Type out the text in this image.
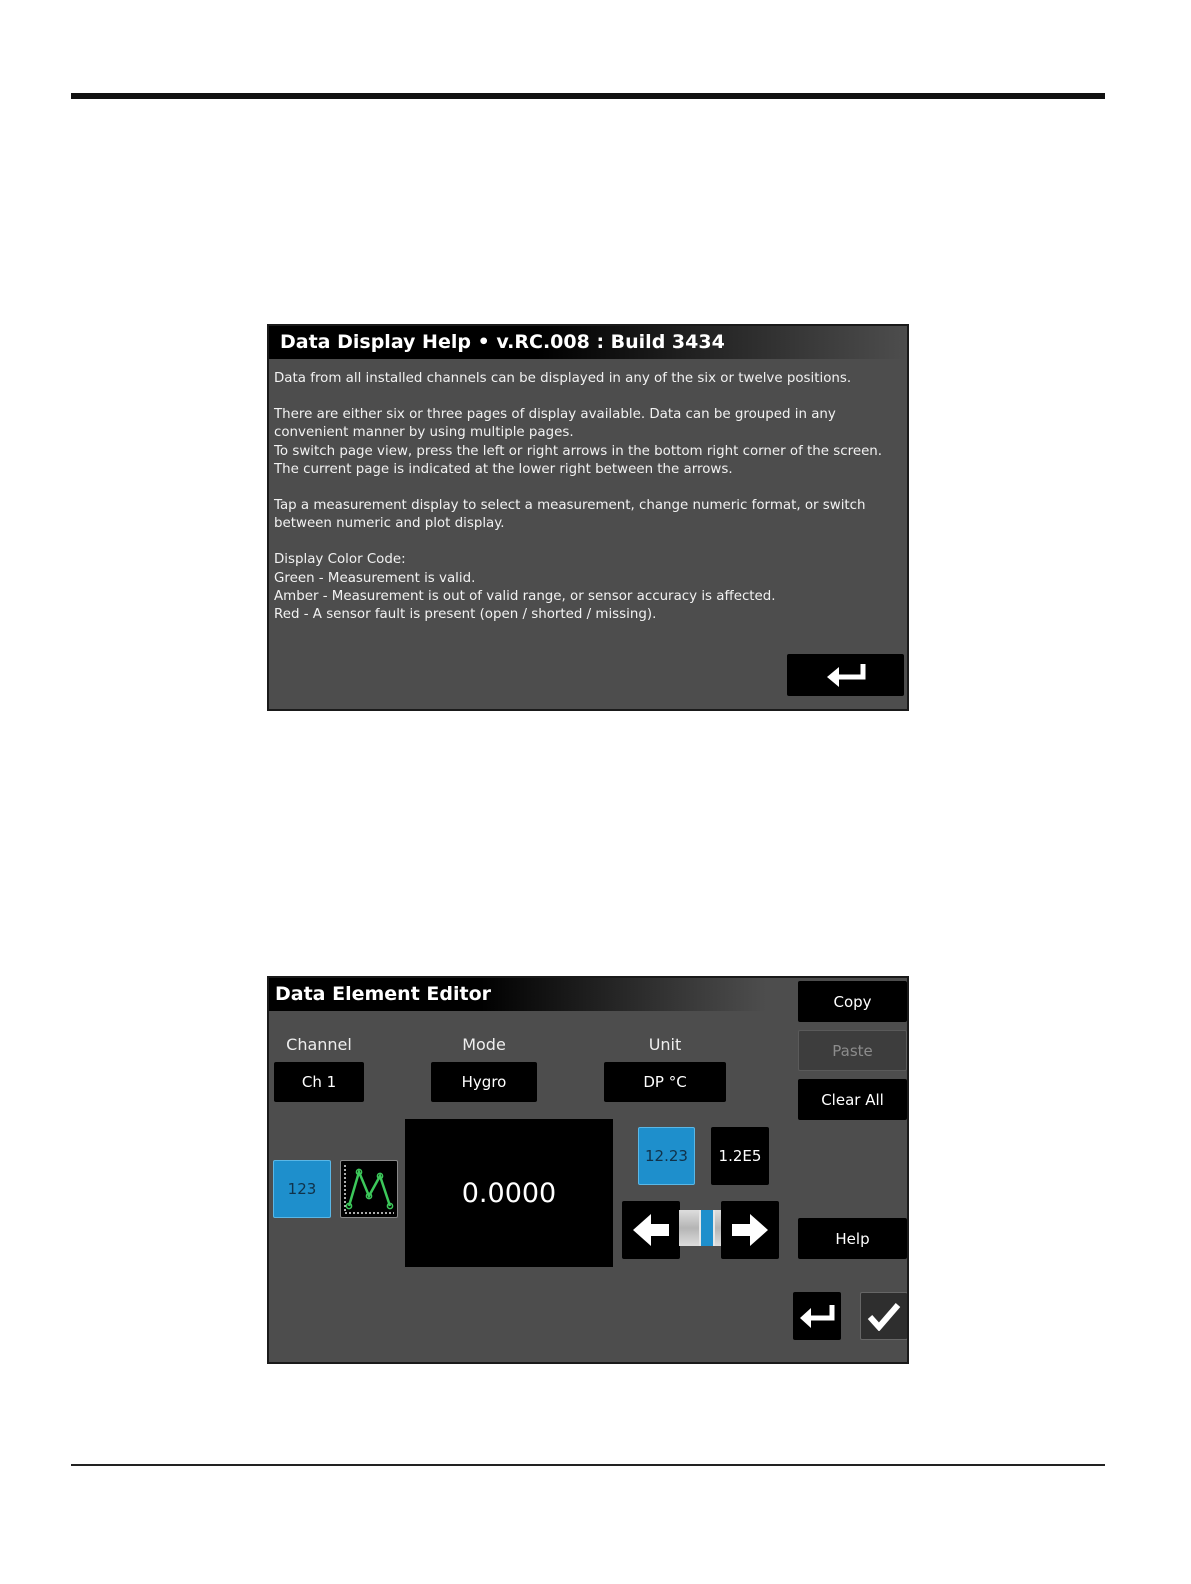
Data Display Help • v.RC.008 : Build 3434

Data from all installed channels can be displayed in any of the six or twelve positions.

There are either six or three pages of display available. Data can be grouped in any convenient manner by using multiple pages.

To switch page view, press the left or right arrows in the bottom right corner of the screen. The current page is indicated at the lower right between the arrows.

Tap a measurement display to select a measurement, change numeric format, or switch between numeric and plot display.

Display Color Code:

Green - Measurement is valid.

Amber - Measurement is out of valid range, or sensor accuracy is affected.

Red - A sensor fault is present (open / shorted / missing).

Data Element Editor
Channel	Mode	Unit
Ch 1	Hygro	DP °C
Copy
Paste
Clear All
Help
123	0.0000
12.23	1.2E5
